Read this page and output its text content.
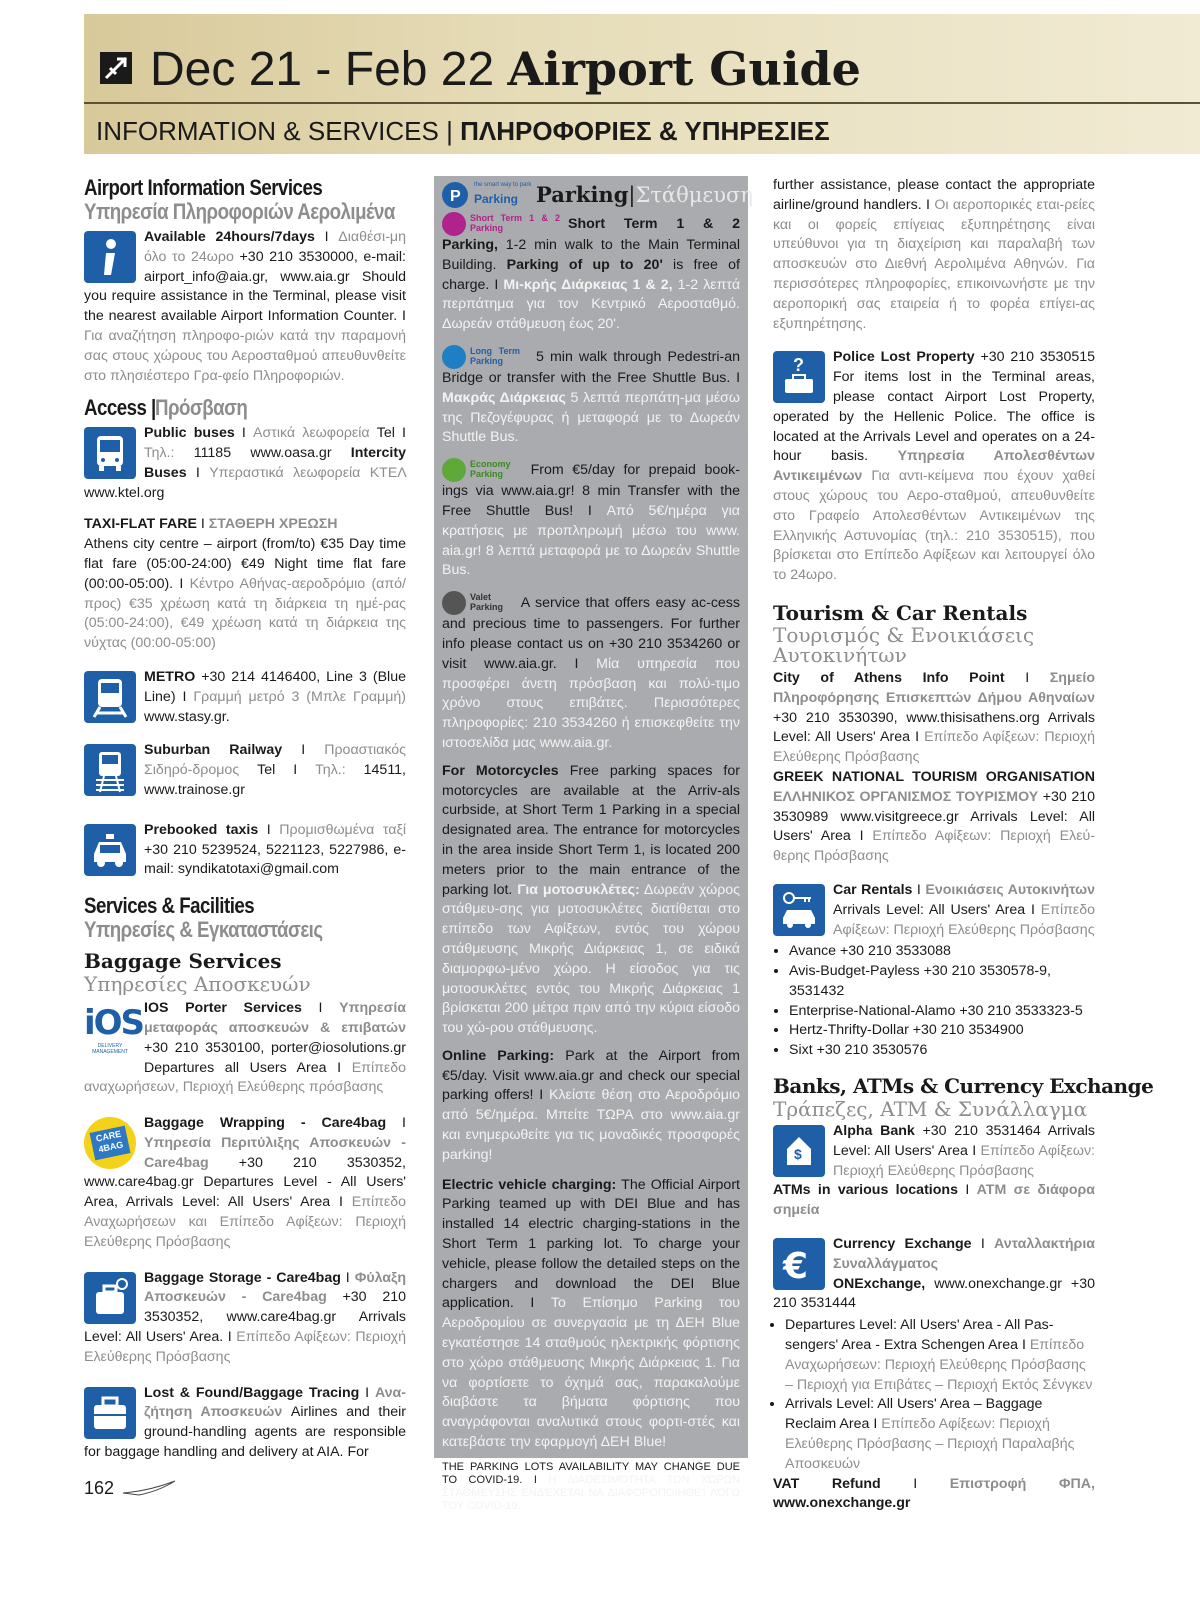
Dec 21 - Feb 22 Airport Guide
INFORMATION & SERVICES | ΠΛΗΡΟΦΟΡΙΕΣ & ΥΠΗΡΕΣΙΕΣ
Airport Information Services
Υπηρεσία Πληροφοριών Αερολιμένα

Available 24hours/7days I Διαθέσι-μη όλο το 24ωρο +30 210 3530000, e-mail: airport_info@aia.gr, www.aia.gr Should you require assistance in the Terminal, please visit the nearest available Airport Information Counter. I Για αναζήτηση πληροφο-ριών κατά την παραμονή σας στους χώρους του Αεροσταθμού απευθυνθείτε στο πλησιέστερο Γρα-φείο Πληροφοριών.

Access |Πρόσβαση

Public buses I Αστικά λεωφορεία Tel I Τηλ.: 11185 www.oasa.gr Intercity Buses I Υπεραστικά λεωφορεία ΚΤΕΛ www.ktel.org

TAXI-FLAT FARE I ΣΤΑΘΕΡΗ ΧΡΕΩΣΗ
Athens city centre – airport (from/to) €35 Day time flat fare (05:00-24:00) €49 Night time flat fare (00:00-05:00). I Κέντρο Αθήνας-αεροδρόμιο (από/προς) €35 χρέωση κατά τη διάρκεια τη ημέ-ρας (05:00-24:00), €49 χρέωση κατά τη διάρκεια της νύχτας (00:00-05:00)

METRO +30 214 4146400, Line 3 (Blue Line) I Γραμμή μετρό 3 (Μπλε Γραμμή) www.stasy.gr.

Suburban Railway I Προαστιακός Σιδηρό-δρομος Tel I Τηλ.: 14511, www.trainose.gr

Prebooked taxis I Προμισθωμένα ταξί +30 210 5239524, 5221123, 5227986, e-mail: syndikatotaxi@gmail.com

Services & Facilities
Υπηρεσίες & Εγκαταστάσεις
Baggage Services
Υπηρεσίες Αποσκευών
iOS
DELIVERY MANAGEMENT

IOS Porter Services I Υπηρεσία μεταφοράς αποσκευών & επιβατών +30 210 3530100, porter@iosolutions.gr Departures all Users Area I Επίπεδο αναχωρήσεων, Περιοχή Ελεύθερης πρόσβασης

CARE 4BAG

Baggage Wrapping - Care4bag I Υπηρεσία Περιτύλιξης Αποσκευών - Care4bag +30 210 3530352, www.care4bag.gr Departures Level - All Users' Area, Arrivals Level: All Users' Area I Επίπεδο Αναχωρήσεων και Επίπεδο Αφίξεων: Περιοχή Ελεύθερης Πρόσβασης

Baggage Storage - Care4bag I Φύλαξη Αποσκευών - Care4bag +30 210 3530352, www.care4bag.gr Arrivals Level: All Users' Area. I Επίπεδο Αφίξεων: Περιοχή Ελεύθερης Πρόσβασης

Lost & Found/Baggage Tracing I Ανα-ζήτηση Αποσκευών Airlines and their ground-handling agents are responsible for baggage handling and delivery at AIA. For

P
the smart way to park
Parking Parking|Στάθμευση

Short Term 1 & 2 Parking	Short Term 1 & 2 Parking, 1-2 min walk to the Main Terminal Building. Parking of up to 20' is free of charge. I Μι-κρής Διάρκειας 1 & 2, 1-2 λεπτά περπάτημα για τον Κεντρικό Αεροσταθμό. Δωρεάν στάθμευση έως 20'.

Long Term Parking	5 min walk through Pedestri-an Bridge or transfer with the Free Shuttle Bus. I Μακράς Διάρκειας 5 λεπτά περπάτη-μα μέσω της Πεζογέφυρας ή μεταφορά με το Δωρεάν Shuttle Bus.

Economy Parking	From €5/day for prepaid book-ings via www.aia.gr! 8 min Transfer with the Free Shuttle Bus! I Από 5€/ημέρα για κρατήσεις με προπληρωμή μέσω του www. aia.gr! 8 λεπτά μεταφορά με το Δωρεάν Shuttle Bus.

Valet Parking A service that offers easy ac-cess and precious time to passengers. For further info please contact us on +30 210 3534260 or visit www.aia.gr. I Μία υπηρεσία που προσφέρει άνετη πρόσβαση και πολύ-τιμο χρόνο στους επιβάτες. Περισσότερες πληροφορίες: 210 3534260 ή επισκεφθείτε την ιστοσελίδα μας www.aia.gr.

For Motorcycles Free parking spaces for motorcycles are available at the Arriv-als curbside, at Short Term 1 Parking in a special designated area. The entrance for motorcycles in the area inside Short Term 1, is located 200 meters prior to the main entrance of the parking lot. Για μοτοσυκλέτες: Δωρεάν χώρος στάθμευ-σης για μοτοσυκλέτες διατίθεται στο επίπεδο των Αφίξεων, εντός του χώρου στάθμευσης Μικρής Διάρκειας 1, σε ειδικά διαμορφω-μένο χώρο. Η είσοδος για τις μοτοσυκλέτες εντός του Μικρής Διάρκειας 1 βρίσκεται 200 μέτρα πριν από την κύρια είσοδο του χώ-ρου στάθμευσης.

Online Parking: Park at the Airport from €5/day. Visit www.aia.gr and check our special parking offers! I Κλείστε θέση στο Αεροδρόμιο από 5€/ημέρα. Μπείτε ΤΩΡΑ στο www.aia.gr και ενημερωθείτε για τις μοναδικές προσφορές parking!

Electric vehicle charging: The Official Airport Parking teamed up with DEI Blue and has installed 14 electric charging-stations in the Short Term 1 parking lot. To charge your vehicle, please follow the detailed steps on the chargers and download the DEI Blue application. I Το Επίσημο Parking του Αεροδρομίου σε συνεργασία με τη ΔΕΗ Blue εγκατέστησε 14 σταθμούς ηλεκτρικής φόρτισης στο χώρο στάθμευσης Μικρής Διάρκειας 1. Για να φορτίσετε το όχημά σας, παρακαλούμε διαβάστε τα βήματα φόρτισης που αναγράφονται αναλυτικά στους φορτι-στές και κατεβάστε την εφαρμογή ΔΕΗ Blue!

THE PARKING LOTS AVAILABILITY MAY CHANGE DUE TO COVID-19. I Η ΔΙΑΘΕΣΙΜΌΤΗΤΑ ΤΩΝ ΧΏΡΩΝ ΣΤΆΘΜΕΥΣΗΣ ΕΝΔΈΧΕΤΑΙ ΝΑ ΔΙΑΦΟΡΟΠΟΙΗΘΕΊ ΛΌΓΩ ΤΟΥ COVID-19.

further assistance, please contact the appropriate airline/ground handlers. I Οι αεροπορικές εται-ρείες και οι φορείς επίγειας εξυπηρέτησης είναι υπεύθυνοι για τη διαχείριση και παραλαβή των αποσκευών στο Διεθνή Αερολιμένα Αθηνών. Για περισσότερες πληροφορίες, επικοινωνήστε με την αεροπορική σας εταιρεία ή το φορέα επίγει-ας εξυπηρέτησης.

?	Police Lost Property +30 210 3530515 For items lost in the Terminal areas, please contact Airport Lost Property, operated by the Hellenic Police. The office is located at the Arrivals Level and operates on a 24-hour basis. Υπηρεσία Απολεσθέντων Αντικειμένων Για αντι-κείμενα που έχουν χαθεί στους χώρους του Αερο-σταθμού, απευθυνθείτε στο Γραφείο Απολεσθέντων Αντικειμένων της Ελληνικής Αστυνομίας (τηλ.: 210 3530515), που βρίσκεται στο Επίπεδο Αφίξεων και λειτουργεί όλο το 24ωρο.

Tourism & Car Rentals
Τουρισμός & Ενοικιάσεις Αυτοκινήτων

City of Athens Info Point I Σημείο Πληροφόρησης Επισκεπτών Δήμου Αθηναίων +30 210 3530390, www.thisisathens.org Arrivals Level: All Users' Area I Επίπεδο Αφίξεων: Περιοχή Ελεύθερης Πρόσβασης

GREEK NATIONAL TOURISM ORGANISATION ΕΛΛΗΝΙΚΟΣ ΟΡΓΑΝΙΣΜΟΣ ΤΟΥΡΙΣΜΟΥ +30 210 3530989 www.visitgreece.gr Arrivals Level: All Users' Area I Επίπεδο Αφίξεων: Περιοχή Ελεύ-θερης Πρόσβασης

Car Rentals I Ενοικιάσεις Αυτοκινήτων Arrivals Level: All Users' Area I Επίπεδο Αφίξεων: Περιοχή Ελεύθερης Πρόσβασης

• Avance +30 210 3533088
• Avis-Budget-Payless +30 210 3530578-9, 3531432
• Enterprise-National-Alamo +30 210 3533323-5
• Hertz-Thrifty-Dollar +30 210 3534900
• Sixt +30 210 3530576
Banks, ATMs & Currency Exchange
Τράπεζες, ATM & Συνάλλαγμα
$

Alpha Bank +30 210 3531464 Arrivals Level: All Users' Area I Επίπεδο Αφίξεων: Περιοχή Ελεύθερης Πρόσβασης

ATMs in various locations I ATM σε διάφορα σημεία

€

Currency Exchange I Ανταλλακτήρια Συναλλάγματος
ONExchange, www.onexchange.gr +30 210 3531444

• Departures Level: All Users' Area - All Pas-sengers' Area - Extra Schengen Area I Επίπεδο Αναχωρήσεων: Περιοχή Ελεύθερης Πρόσβασης – Περιοχή για Επιβάτες – Περιοχή Εκτός Σένγκεν
• Arrivals Level: All Users' Area – Baggage Reclaim Area I Επίπεδο Αφίξεων: Περιοχή Ελεύθερης Πρόσβασης – Περιοχή Παραλαβής Αποσκευών

VAT Refund I Επιστροφή ΦΠΑ, www.onexchange.gr

162
